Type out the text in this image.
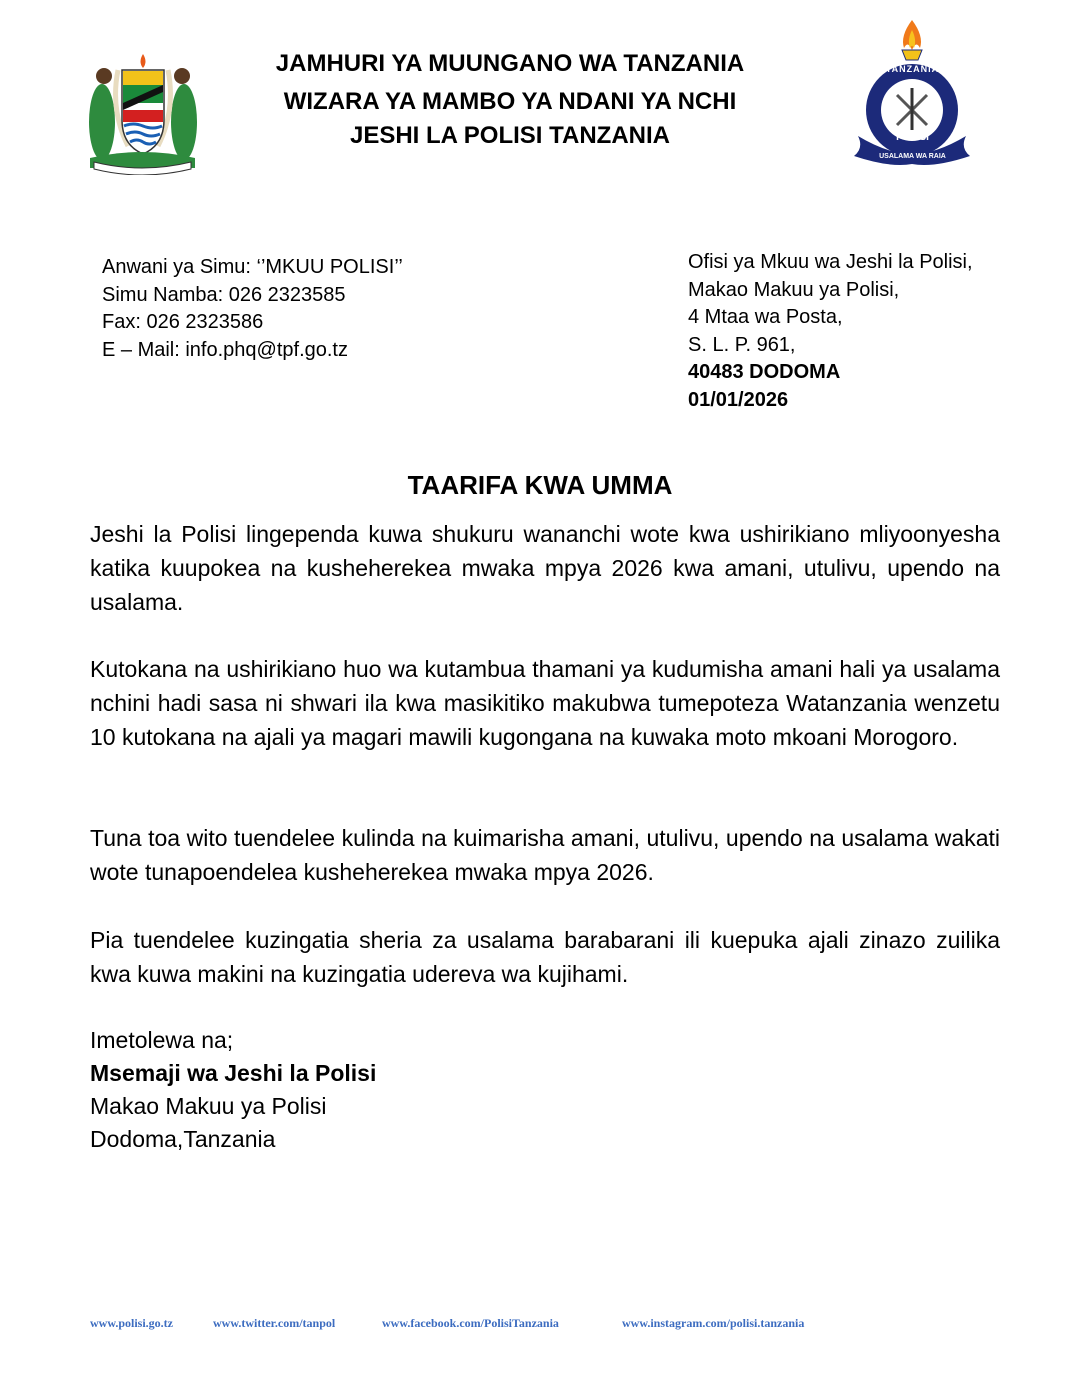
JAMHURI YA MUUNGANO WA TANZANIA
WIZARA YA MAMBO YA NDANI YA NCHI
JESHI LA POLISI TANZANIA
TANZANIA
POLISI
USALAMA WA RAIA
Anwani ya Simu: ‘’MKUU POLISI’’
Simu Namba: 026 2323585
Fax: 026 2323586
E – Mail: info.phq@tpf.go.tz
Ofisi ya Mkuu wa Jeshi la Polisi,
Makao Makuu ya Polisi,
4 Mtaa wa Posta,
S. L. P. 961,
40483 DODOMA
01/01/2026
TAARIFA KWA UMMA
Jeshi la Polisi lingependa kuwa shukuru wananchi wote kwa ushirikiano mliyoonyesha katika kuupokea na kusheherekea mwaka mpya 2026 kwa amani, utulivu, upendo na usalama.
Kutokana na ushirikiano huo wa kutambua thamani ya kudumisha amani hali ya usalama nchini hadi sasa ni shwari ila kwa masikitiko makubwa tumepoteza Watanzania wenzetu 10 kutokana na ajali ya magari mawili kugongana na kuwaka moto mkoani Morogoro.
Tuna toa wito tuendelee kulinda na kuimarisha amani, utulivu, upendo na usalama wakati wote tunapoendelea kusheherekea mwaka mpya 2026.
Pia tuendelee kuzingatia sheria za usalama barabarani ili kuepuka ajali zinazo zuilika kwa kuwa makini na kuzingatia udereva wa kujihami.
Imetolewa na;
Msemaji wa Jeshi la Polisi
Makao Makuu ya Polisi
Dodoma,Tanzania
www.polisi.go.tz	www.twitter.com/tanpol	www.facebook.com/PolisiTanzania	www.instagram.com/polisi.tanzania
